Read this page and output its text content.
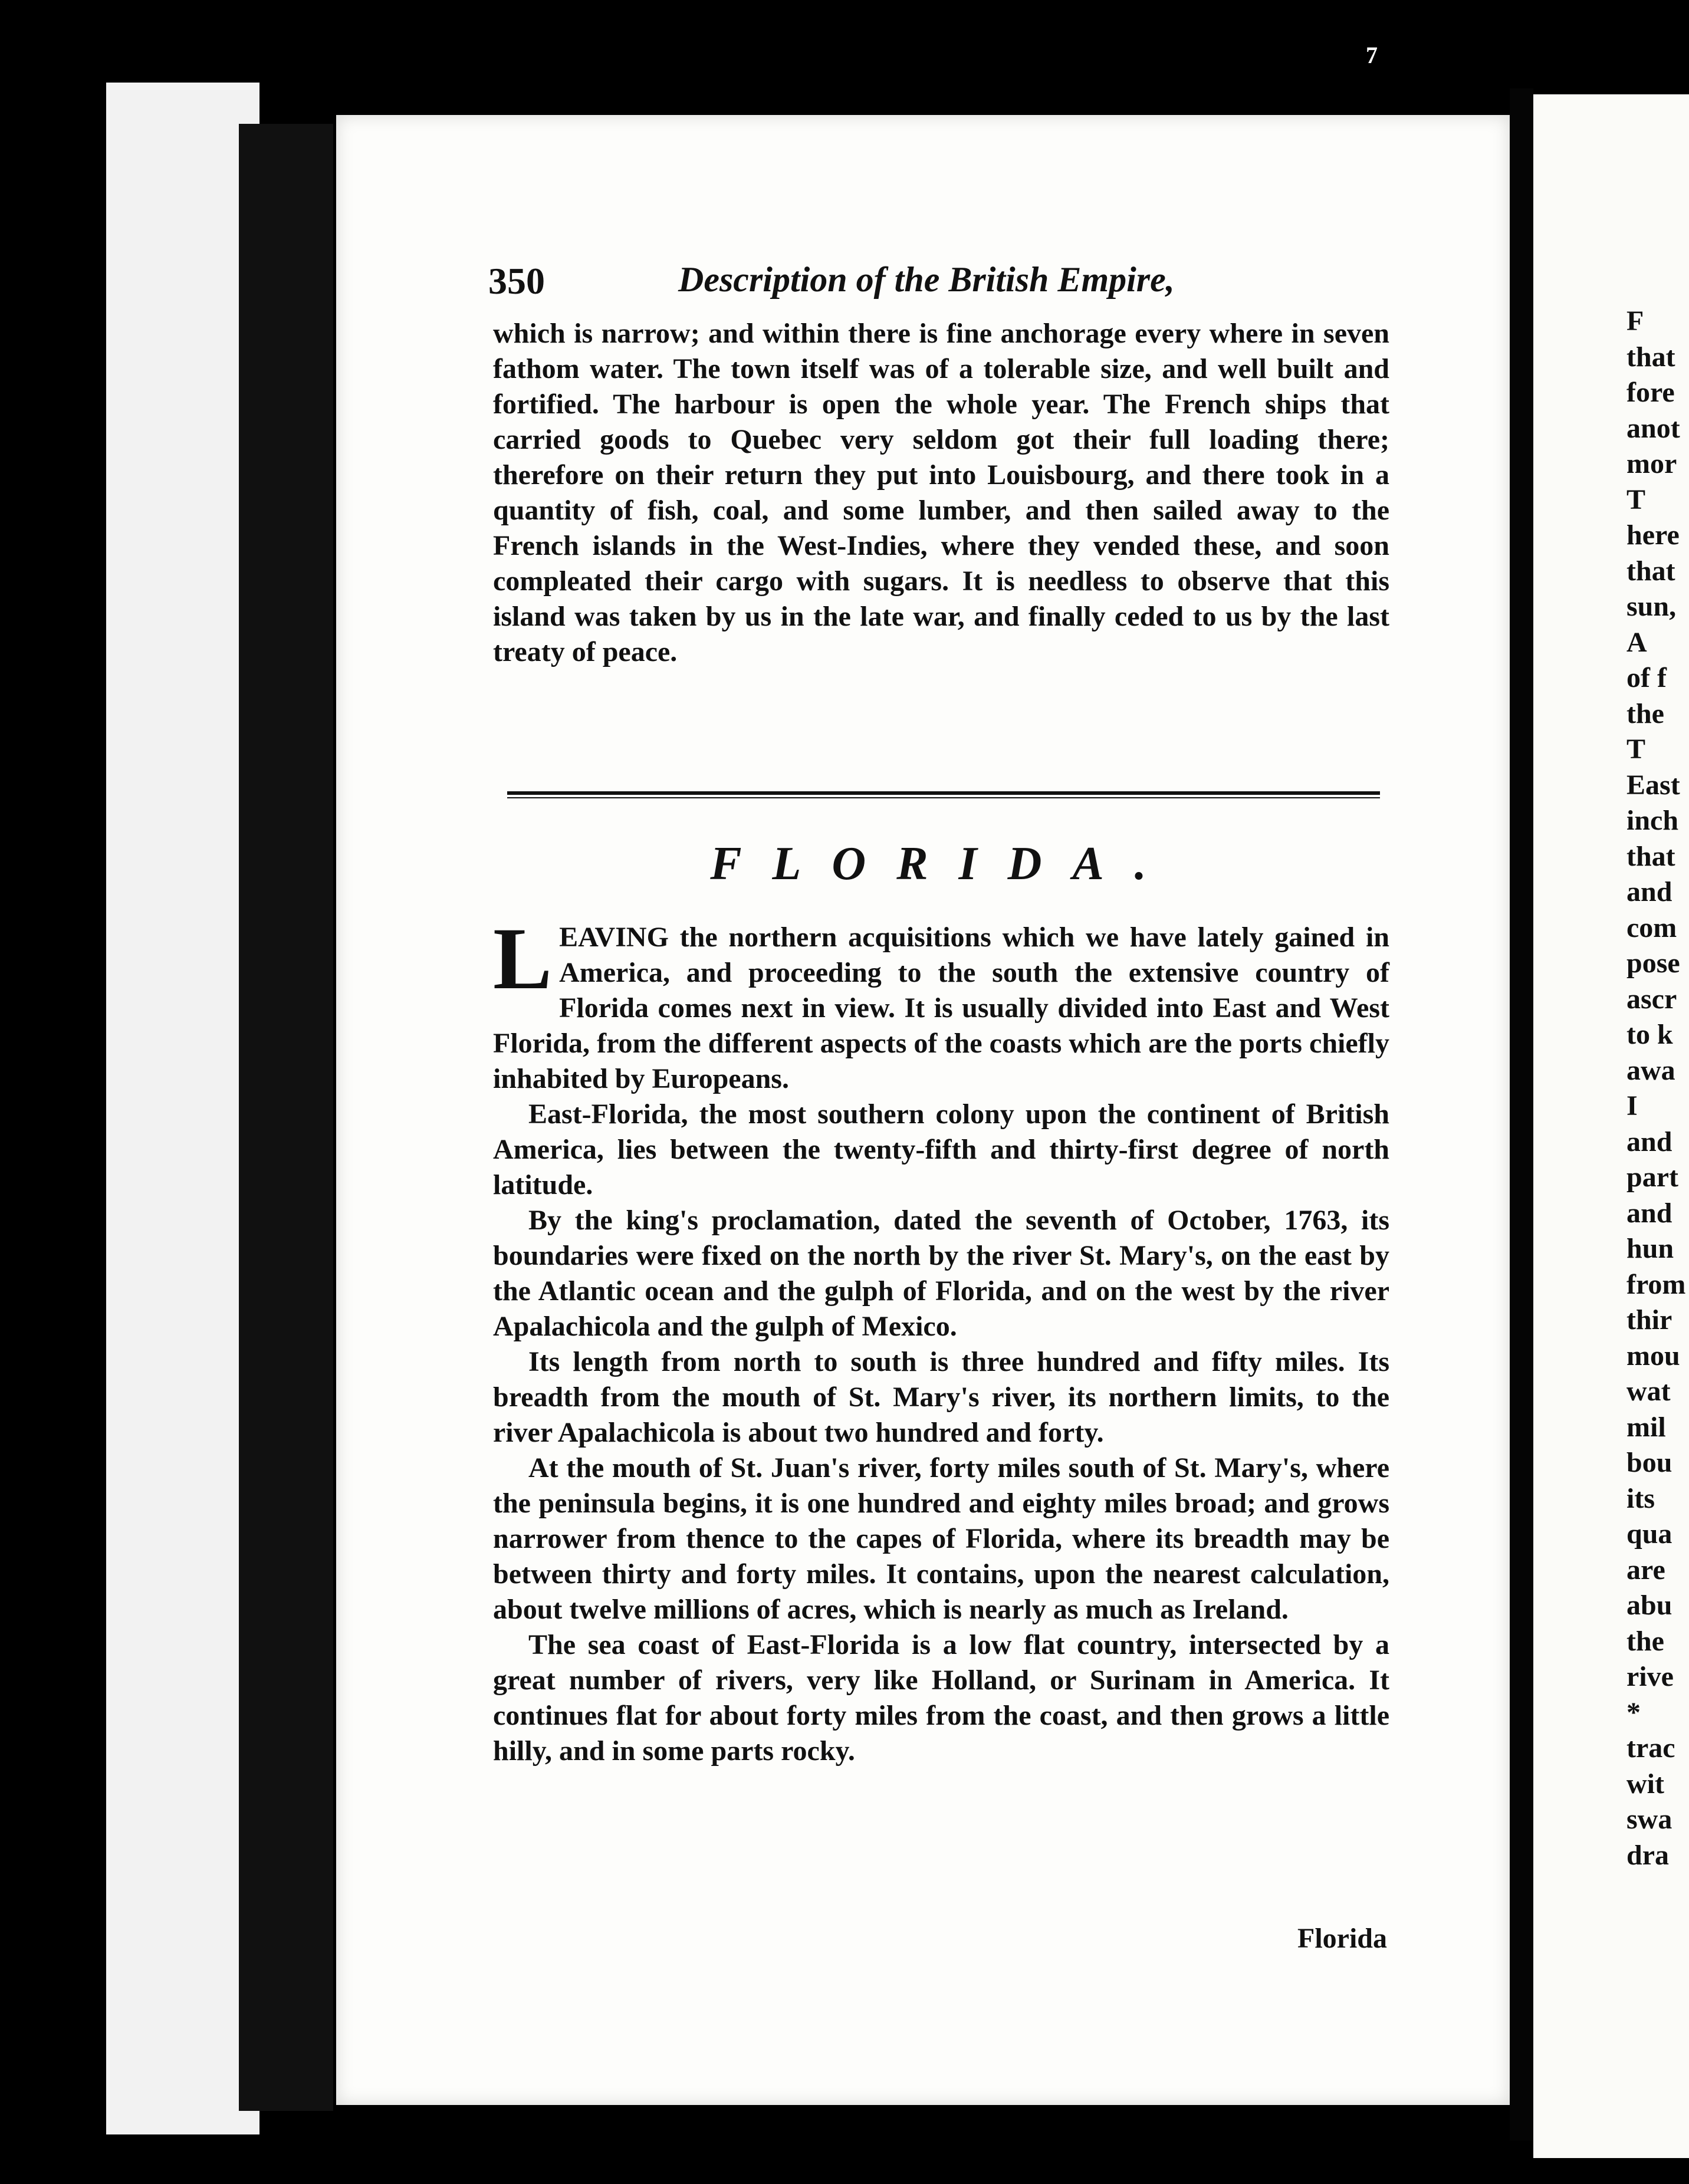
7
350	Description of the British Empire,

which is narrow; and within there is fine anchorage every where in seven fathom water. The town itself was of a tolerable size, and well built and fortified. The harbour is open the whole year. The French ships that carried goods to Quebec very seldom got their full loading there; therefore on their return they put into Louisbourg, and there took in a quantity of fish, coal, and some lumber, and then sailed away to the French islands in the West-Indies, where they vended these, and soon compleated their cargo with sugars. It is needless to observe that this island was taken by us in the late war, and finally ceded to us by the last treaty of peace.

FLORIDA.

LEAVING the northern acquisitions which we have lately gained in America, and proceeding to the south the extensive country of Florida comes next in view. It is usually divided into East and West Florida, from the different aspects of the coasts which are the ports chiefly inhabited by Europeans.

East-Florida, the most southern colony upon the continent of British America, lies between the twenty-fifth and thirty-first degree of north latitude.

By the king's proclamation, dated the seventh of October, 1763, its boundaries were fixed on the north by the river St. Mary's, on the east by the Atlantic ocean and the gulph of Florida, and on the west by the river Apalachicola and the gulph of Mexico.

Its length from north to south is three hundred and fifty miles. Its breadth from the mouth of St. Mary's river, its northern limits, to the river Apalachicola is about two hundred and forty.

At the mouth of St. Juan's river, forty miles south of St. Mary's, where the peninsula begins, it is one hundred and eighty miles broad; and grows narrower from thence to the capes of Florida, where its breadth may be between thirty and forty miles. It contains, upon the nearest calculation, about twelve millions of acres, which is nearly as much as Ireland.

The sea coast of East-Florida is a low flat country, intersected by a great number of rivers, very like Holland, or Surinam in America. It continues flat for about forty miles from the coast, and then grows a little hilly, and in some parts rocky.

Florida
F
that
fore
anot
mor
T
here
that
sun,
A
of f
the
T
East
inch
that
and
com
pose
ascr
to k
awa
I
and
part
and
hun
from
thir
mou
wat
mil
bou
its
qua
are
abu
the
rive
*
trac
wit
swa
dra
